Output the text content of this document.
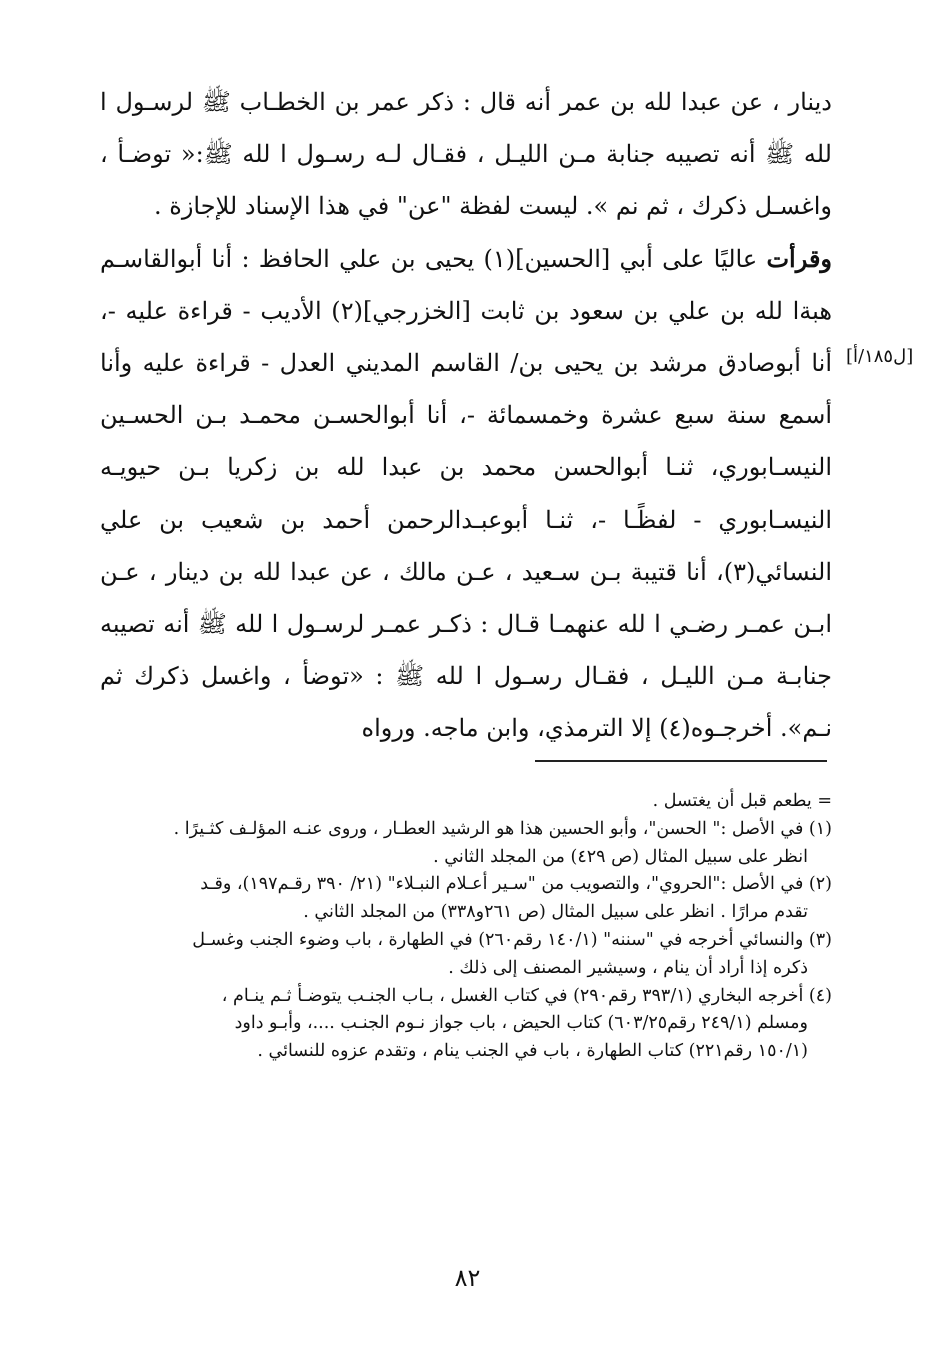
دينار ، عن عبدا لله بن عمر أنه قال : ذكر عمر بن الخطـاب ﷺ لرسـول ا لله ﷺ أنه تصيبه جنابة مـن الليـل ، فقـال لـه رسـول ا لله ﷺ:« توضـأ ، واغسـل ذكرك ، ثم نم ». ليست لفظة "عن" في هذا الإسناد للإجازة .

وقرأت عاليًا على أبي [الحسين](١) يحيى بن علي الحافظ : أنا أبوالقاسـم هبةا لله بن علي بن سعود بن ثابت [الخزرجي](٢) الأديب - قراءة عليه -، أنا أبوصادق مرشد بن يحيى بن/ القاسم المديني العدل - قراءة عليه وأنا أسمع سنة سبع عشرة وخمسمائة -، أنا أبوالحسـن محمـد بـن الحسـين النيسـابوري، ثنـا أبوالحسن محمد بن عبدا لله بن زكريا بـن حيويـه النيسـابوري - لفظًـا -، ثنـا أبوعبـدالرحمن أحمد بن شعيب بن علي النسائي(٣)، أنا قتيبة بـن سـعيد ، عـن مالك ، عن عبدا لله بن دينار ، عـن ابـن عمـر رضـي ا لله عنهمـا قـال : ذكـر عمـر لرسـول ا لله ﷺ أنه تصيبه جنابـة مـن الليـل ، فقـال رسـول ا لله ﷺ : «توضأ ، واغسل ذكرك ثم نـم». أخرجـوه(٤) إلا الترمذي، وابن ماجه. ورواه

[ل١٨٥/أ]

= يطعم قبل أن يغتسل .

(١) في الأصل :" الحسن"، وأبو الحسين هذا هو الرشيد العطـار ، وروى عنـه المؤلـف كثـيرًا .
انظر على سبيل المثال (ص ٤٢٩) من المجلد الثاني .

(٢) في الأصل :"الحروي"، والتصويب من "سـير أعـلام النبـلاء" (٢١/ ٣٩٠ رقـم١٩٧)، وقـد
تقدم مرارًا . انظر على سبيل المثال (ص ٢٦١و٣٣٨) من المجلد الثاني .

(٣) والنسائي أخرجه في "سننه" (١٤٠/١ رقم٢٦٠) في الطهارة ، باب وضوء الجنب وغسـل
ذكره إذا أراد أن ينام ، وسيشير المصنف إلى ذلك .

(٤) أخرجه البخاري (٣٩٣/١ رقم٢٩٠) في كتاب الغسل ، بـاب الجنـب يتوضـأ ثـم ينـام ،
ومسلم (٢٤٩/١ رقم٦٠٣/٢٥) كتاب الحيض ، باب جواز نـوم الجنـب ....، وأبـو داود
(١٥٠/١ رقم٢٢١) كتاب الطهارة ، باب في الجنب ينام ، وتقدم عزوه للنسائي .

٨٢
